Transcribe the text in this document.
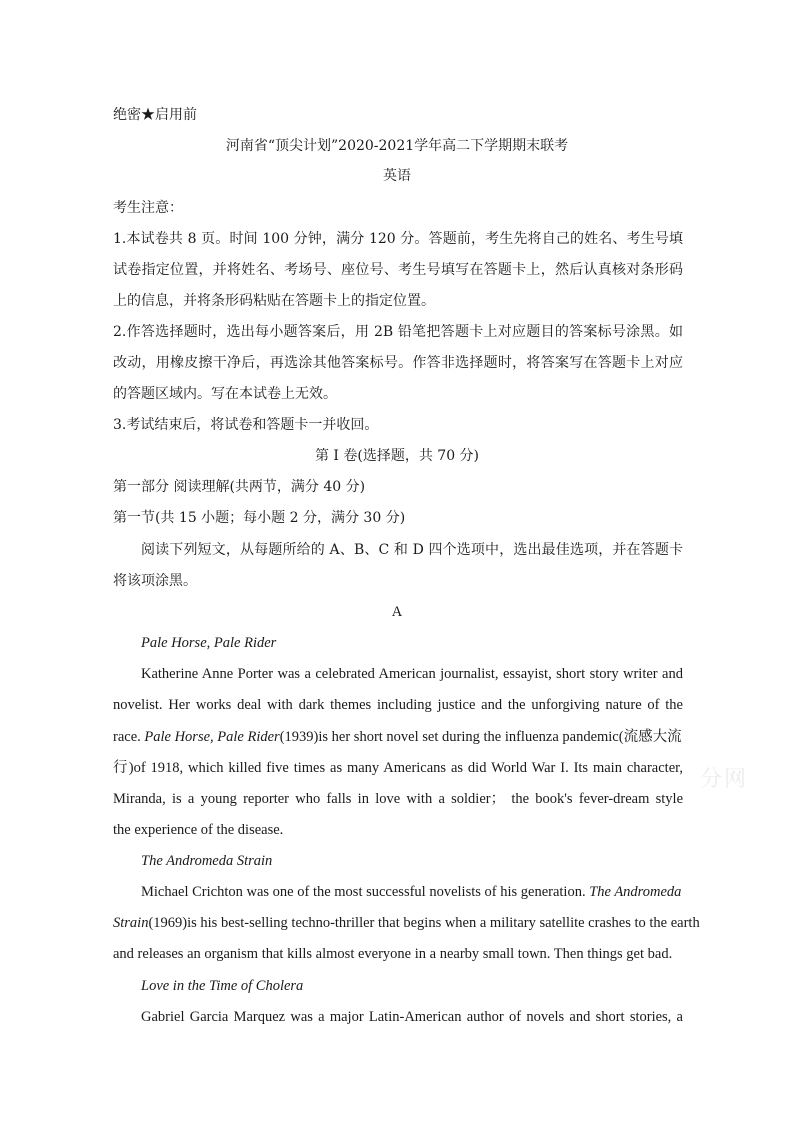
绝密★启用前
河南省“顶尖计划”2020-2021学年高二下学期期末联考
英语
考生注意：
1.本试卷共 8 页。时间 100 分钟，满分 120 分。答题前，考生先将自己的姓名、考生号填
试卷指定位置，并将姓名、考场号、座位号、考生号填写在答题卡上，然后认真核对条形码
上的信息，并将条形码粘贴在答题卡上的指定位置。
2.作答选择题时，选出每小题答案后，用 2B 铅笔把答题卡上对应题目的答案标号涂黑。如
改动，用橡皮擦干净后，再选涂其他答案标号。作答非选择题时，将答案写在答题卡上对应
的答题区域内。写在本试卷上无效。
3.考试结束后，将试卷和答题卡一并收回。
第 I 卷(选择题，共 70 分)
第一部分 阅读理解(共两节，满分 40 分)
第一节(共 15 小题；每小题 2 分，满分 30 分)
阅读下列短文，从每题所给的 A、B、C 和 D 四个选项中，选出最佳选项，并在答题卡
将该项涂黑。
A
Pale Horse, Pale Rider
Katherine Anne Porter was a celebrated American journalist, essayist, short story writer and
novelist. Her works deal with dark themes including justice and the unforgiving nature of the
race. Pale Horse, Pale Rider(1939)is her short novel set during the influenza pandemic(流感大流
行)of 1918, which killed five times as many Americans as did World War I. Its main character,
Miranda, is a young reporter who falls in love with a soldier； the book's fever-dream style
the experience of the disease.
The Andromeda Strain
Michael Crichton was one of the most successful novelists of his generation. The Andromeda
Strain(1969)is his best-selling techno-thriller that begins when a military satellite crashes to the earth
and releases an organism that kills almost everyone in a nearby small town. Then things get bad.
Love in the Time of Cholera
Gabriel Garcia Marquez was a major Latin-American author of novels and short stories, a
分网
